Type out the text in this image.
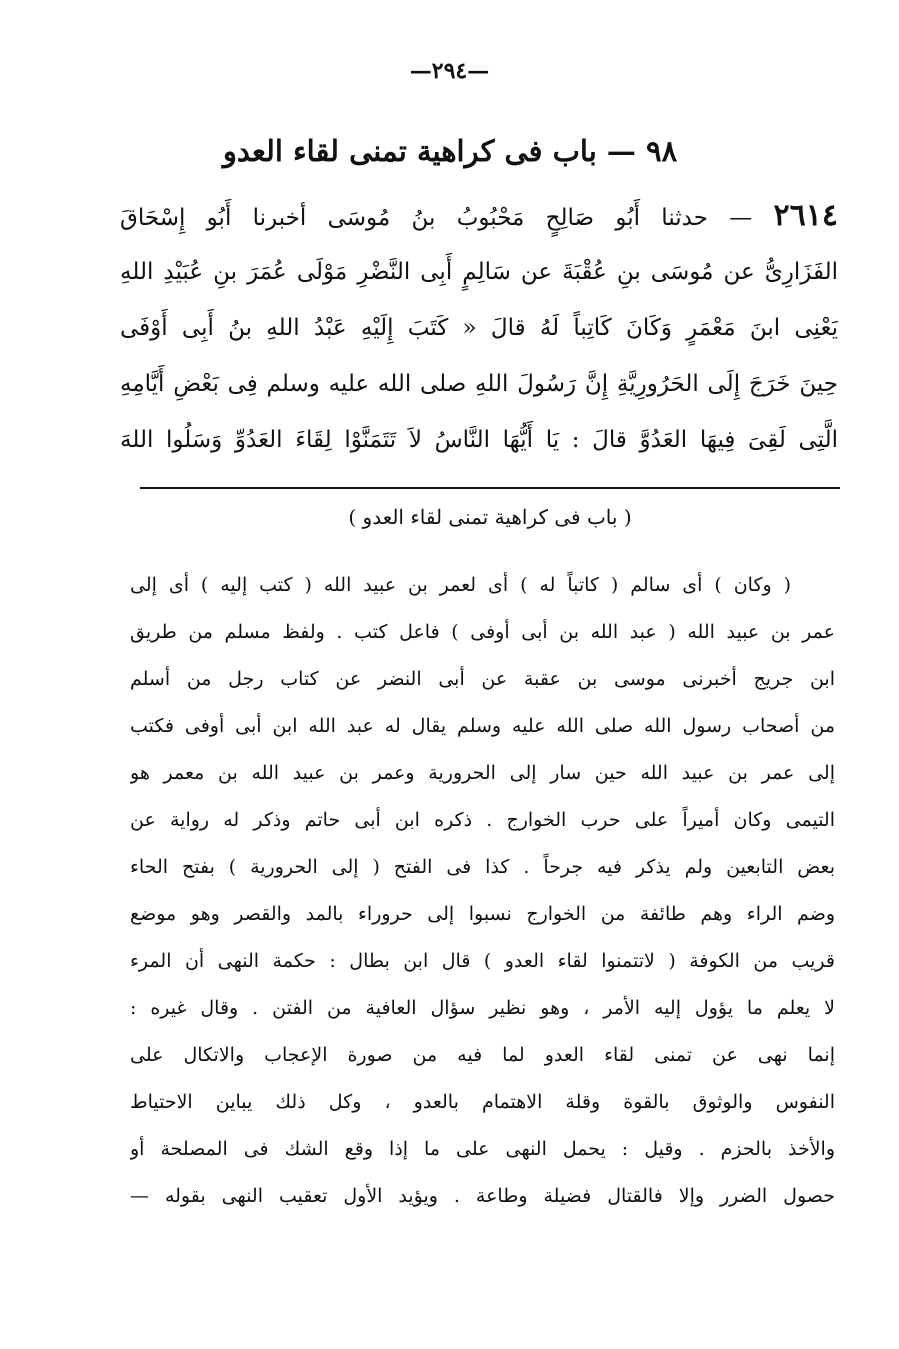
—٢٩٤—
٩٨ — باب فى كراهية تمنى لقاء العدو
٢٦١٤ — حدثنا أَبُو صَالِحٍ مَحْبُوبُ بنُ مُوسَى أخبرنا أَبُو إِسْحَاقَ
الفَزَارِىُّ عن مُوسَى بنِ عُقْبَةَ عن سَالِمٍ أَبِى النَّضْرِ مَوْلَى عُمَرَ بنِ عُبَيْدِ اللهِ
يَعْنِى ابنَ مَعْمَرٍ وَكَانَ كَاتِباً لَهُ قالَ « كَتَبَ إِلَيْهِ عَبْدُ اللهِ بنُ أَبِى أَوْفَى
حِينَ خَرَجَ إِلَى الحَرُورِيَّةِ إِنَّ رَسُولَ اللهِ صلى الله عليه وسلم فِى بَعْضِ أَيَّامِهِ
الَّتِى لَقِىَ فِيهَا العَدُوَّ قالَ : يَا أَيُّهَا النَّاسُ لاَ تَتَمَنَّوْا لِقَاءَ العَدُوِّ وَسَلُوا اللهَ
( باب فى كراهية تمنى لقاء العدو )
( وكان ) أى سالم ( كاتباً له ) أى لعمر بن عبيد الله ( كتب إليه ) أى إلى
عمر بن عبيد الله ( عبد الله بن أبى أوفى ) فاعل كتب . ولفظ مسلم من طريق
ابن جريج أخبرنى موسى بن عقبة عن أبى النضر عن كتاب رجل من أسلم
من أصحاب رسول الله صلى الله عليه وسلم يقال له عبد الله ابن أبى أوفى فكتب
إلى عمر بن عبيد الله حين سار إلى الحرورية وعمر بن عبيد الله بن معمر هو
التيمى وكان أميراً على حرب الخوارج . ذكره ابن أبى حاتم وذكر له رواية عن
بعض التابعين ولم يذكر فيه جرحاً . كذا فى الفتح ( إلى الحرورية ) بفتح الحاء
وضم الراء وهم طائفة من الخوارج نسبوا إلى حروراء بالمد والقصر وهو موضع
قريب من الكوفة ( لاتتمنوا لقاء العدو ) قال ابن بطال : حكمة النهى أن المرء
لا يعلم ما يؤول إليه الأمر ، وهو نظير سؤال العافية من الفتن . وقال غيره :
إنما نهى عن تمنى لقاء العدو لما فيه من صورة الإعجاب والاتكال على
النفوس والوثوق بالقوة وقلة الاهتمام بالعدو ، وكل ذلك يباين الاحتياط
والأخذ بالحزم . وقيل : يحمل النهى على ما إذا وقع الشك فى المصلحة أو
حصول الضرر وإلا فالقتال فضيلة وطاعة . ويؤيد الأول تعقيب النهى بقوله —
